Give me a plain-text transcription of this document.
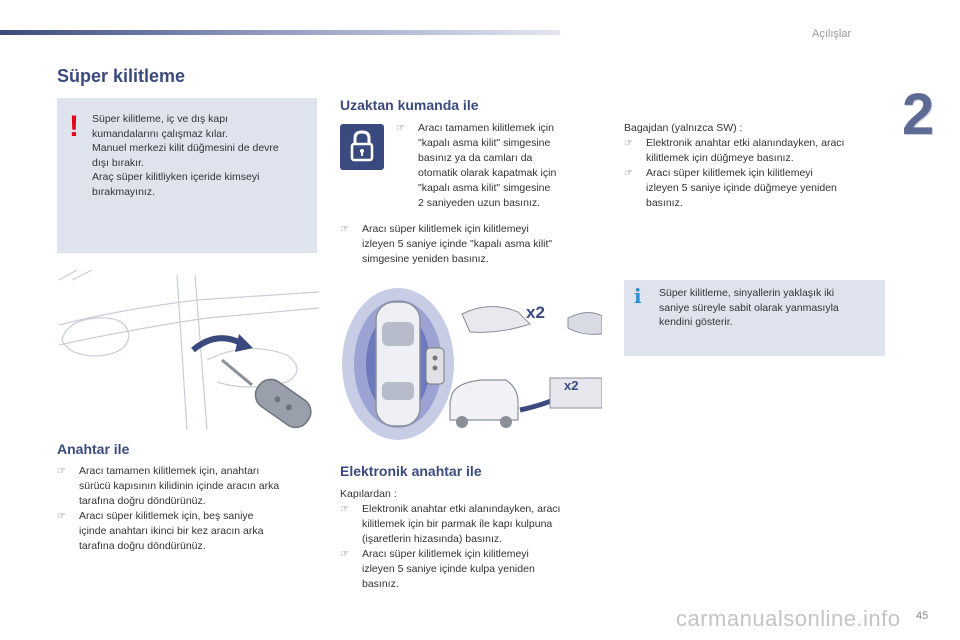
Açılışlar
2
Süper kilitleme
! Süper kilitleme, iç ve dış kapı
kumandalarını çalışmaz kılar.
Manuel merkezi kilit düğmesini de devre
dışı bırakır.
Araç süper kilitliyken içeride kimseyi
bırakmayınız.
Anahtar ile
☞ Aracı tamamen kilitlemek için, anahtarı
sürücü kapısının kilidinin içinde aracın arka
tarafına doğru döndürünüz.
☞ Aracı süper kilitlemek için, beş saniye
içinde anahtarı ikinci bir kez aracın arka
tarafına doğru döndürünüz.
Uzaktan kumanda ile
☞ Aracı tamamen kilitlemek için
"kapalı asma kilit" simgesine
basınız ya da camları da
otomatik olarak kapatmak için
"kapalı asma kilit" simgesine
2 saniyeden uzun basınız.
☞ Aracı süper kilitlemek için kilitlemeyi
izleyen 5 saniye içinde "kapalı asma kilit"
simgesine yeniden basınız.
x2
x2
Elektronik anahtar ile
Kapılardan :
☞ Elektronik anahtar etki alanındayken, aracı
kilitlemek için bir parmak ile kapı kulpuna
(işaretlerin hizasında) basınız.
☞ Aracı süper kilitlemek için kilitlemeyi
izleyen 5 saniye içinde kulpa yeniden
basınız.
Bagajdan (yalnızca SW) :
☞ Elektronik anahtar etki alanındayken, aracı
kilitlemek için düğmeye basınız.
☞ Aracı süper kilitlemek için kilitlemeyi
izleyen 5 saniye içinde düğmeye yeniden
basınız.
i Süper kilitleme, sinyallerin yaklaşık iki
saniye süreyle sabit olarak yanmasıyla
kendini gösterir.
carmanualsonline.info 45
